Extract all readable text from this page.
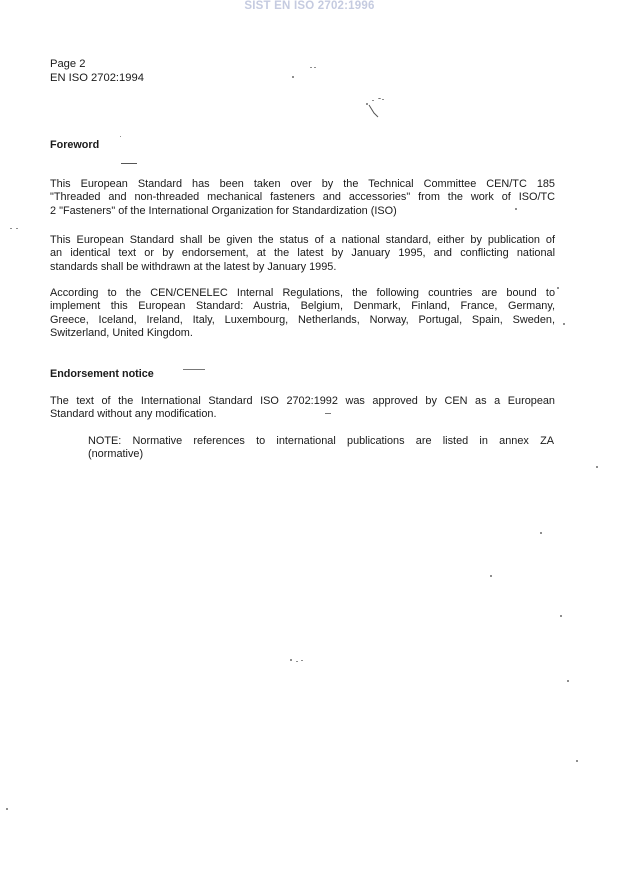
SIST EN ISO 2702:1996
Page 2
EN ISO 2702:1994
Foreword
This European Standard has been taken over by the Technical Committee CEN/TC 185
"Threaded and non-threaded mechanical fasteners and accessories" from the work of ISO/TC
2 "Fasteners" of the International Organization for Standardization (ISO)
This European Standard shall be given the status of a national standard, either by publication of
an identical text or by endorsement, at the latest by January 1995, and conflicting national
standards shall be withdrawn at the latest by January 1995.
According to the CEN/CENELEC Internal Regulations, the following countries are bound to
implement this European Standard: Austria, Belgium, Denmark, Finland, France, Germany,
Greece, Iceland, Ireland, Italy, Luxembourg, Netherlands, Norway, Portugal, Spain, Sweden,
Switzerland, United Kingdom.
Endorsement notice
The text of the International Standard ISO 2702:1992 was approved by CEN as a European
Standard without any modification.
NOTE: Normative references to international publications are listed in annex ZA
(normative)
